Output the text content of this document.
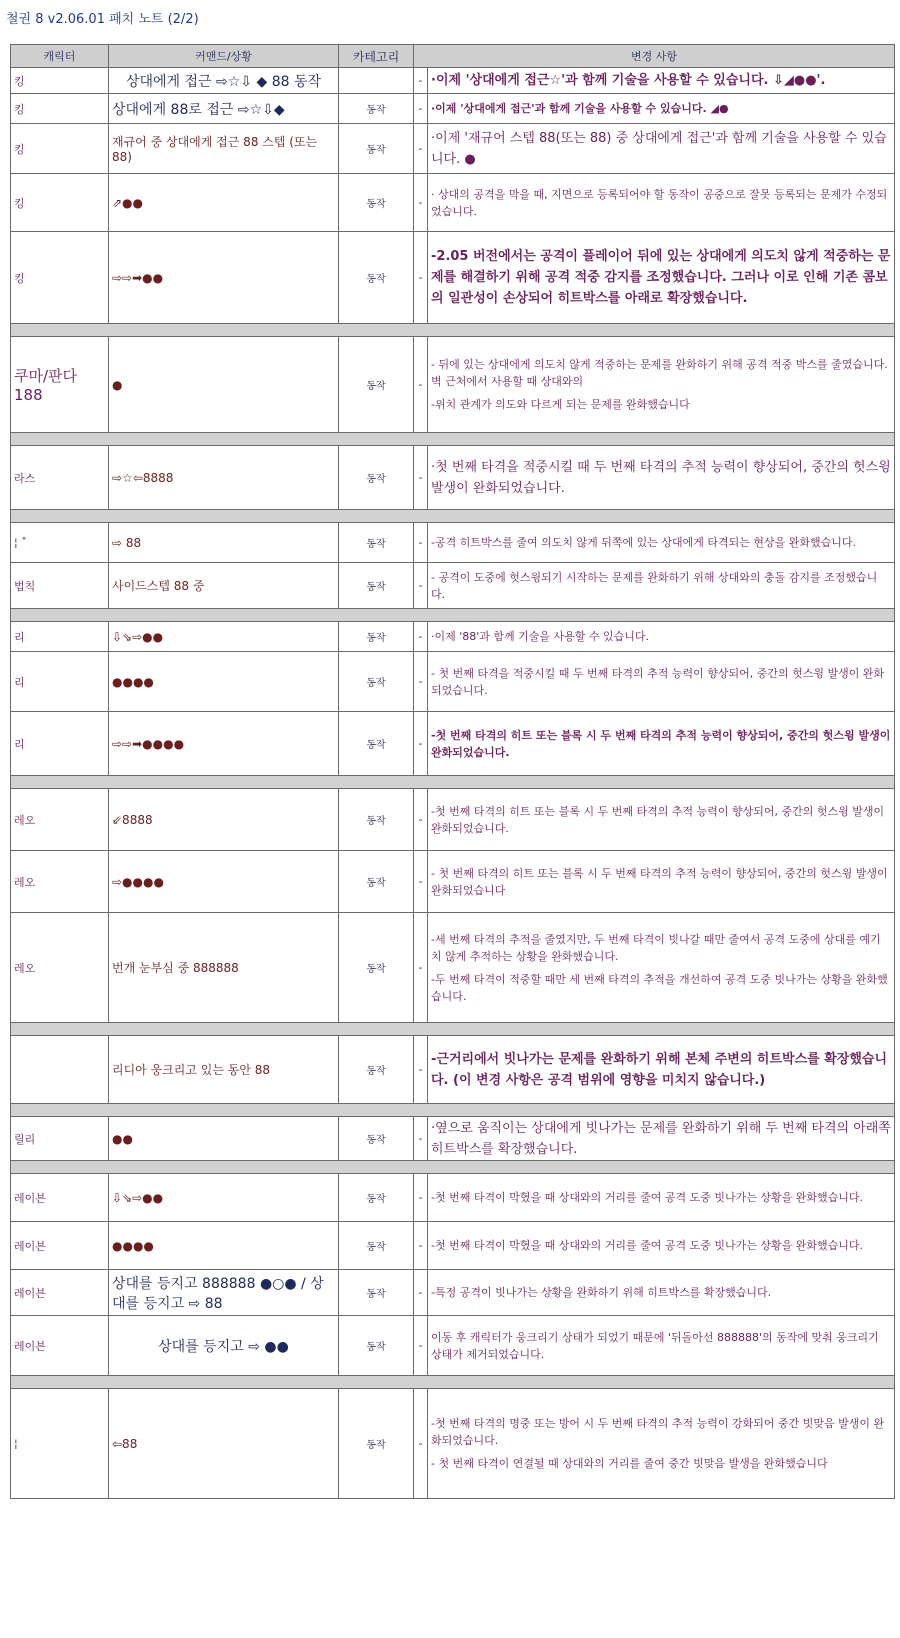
철권 8 v2.06.01 패치 노트 (2/2)
캐릭터	커맨드/상황	카테고리	변경 사항	
킹	상대에게 접근 ⇨☆⇩ ◆ 88 동작		-	·이제 '상대에게 접근☆'과 함께 기술을 사용할 수 있습니다. ⇩◢●●'.

킹	상대에게 88로 접근 ⇨☆⇩◆	동작	-	·이제 '상대에게 접근'과 함께 기술을 사용할 수 있습니다. ◢●

킹	재규어 중 상대에게 접근 88 스텝 (또는 88)	동작	-	·이제 '재규어 스텝 88(또는 88) 중 상대에게 접근'과 함께 기술을 사용할 수 있습니다. ●

킹	⇗●●	동작	-	· 상대의 공격을 막을 때, 지면으로 등록되어야 할 동작이 공중으로 잘못 등록되는 문제가 수정되었습니다.

킹	⇨⇨➡●●	동작	-	-2.05 버전에서는 공격이 플레이어 뒤에 있는 상대에게 의도치 않게 적중하는 문제를 해결하기 위해 공격 적중 감지를 조정했습니다. 그러나 이로 인해 기존 콤보의 일관성이 손상되어 히트박스를 아래로 확장했습니다.

쿠마/판다 188	●	동작	-	- 뒤에 있는 상대에게 의도치 않게 적중하는 문제를 완화하기 위해 공격 적중 박스를 줄였습니다. 벽 근처에서 사용할 때 상대와의
-위치 관계가 의도와 다르게 되는 문제를 완화했습니다

라스	⇨☆⇦8888	동작	-	·첫 번째 타격을 적중시킬 때 두 번째 타격의 추적 능력이 향상되어, 중간의 헛스윙 발생이 완화되었습니다.

¦ ˚	⇨ 88	동작	-	-공격 히트박스를 줄여 의도치 않게 뒤쪽에 있는 상대에게 타격되는 현상을 완화했습니다.

법칙	사이드스텝 88 중	동작	-	- 공격이 도중에 헛스윙되기 시작하는 문제를 완화하기 위해 상대와의 충돌 감지를 조정했습니다.

리	⇩⇘⇨●●	동작	-	·이제 '88'과 함께 기술을 사용할 수 있습니다.

리	●●●●	동작	-	- 첫 번째 타격을 적중시킬 때 두 번째 타격의 추적 능력이 향상되어, 중간의 헛스윙 발생이 완화되었습니다.

리	⇨⇨➡●●●●	동작	-	-첫 번째 타격의 히트 또는 블록 시 두 번째 타격의 추적 능력이 향상되어, 중간의 헛스윙 발생이 완화되었습니다.

레오	⇙8888	동작	-	-첫 번째 타격의 히트 또는 블록 시 두 번째 타격의 추적 능력이 향상되어, 중간의 헛스윙 발생이 완화되었습니다.

레오	⇨●●●●	동작	-	- 첫 번째 타격의 히트 또는 블록 시 두 번째 타격의 추적 능력이 향상되어, 중간의 헛스윙 발생이 완화되었습니다

레오	번개 눈부심 중 888888	동작	-	-세 번째 타격의 추적을 줄였지만, 두 번째 타격이 빗나갈 때만 줄여서 공격 도중에 상대를 예기치 않게 추적하는 상황을 완화했습니다.
-두 번째 타격이 적중할 때만 세 번째 타격의 추적을 개선하여 공격 도중 빗나가는 상황을 완화했습니다.

	리디아 웅크리고 있는 동안 88	동작	-	-근거리에서 빗나가는 문제를 완화하기 위해 본체 주변의 히트박스를 확장했습니다. (이 변경 사항은 공격 범위에 영향을 미치지 않습니다.)

릴리	●●	동작	-	·옆으로 움직이는 상대에게 빗나가는 문제를 완화하기 위해 두 번째 타격의 아래쪽 히트박스를 확장했습니다.

레이븐	⇩⇘⇨●●	동작	-	-첫 번째 타격이 막혔을 때 상대와의 거리를 줄여 공격 도중 빗나가는 상황을 완화했습니다.

레이븐	●●●●	동작	-	-첫 번째 타격이 막혔을 때 상대와의 거리를 줄여 공격 도중 빗나가는 상황을 완화했습니다.

레이븐	상대를 등지고 888888 ●○● / 상대를 등지고 ⇨ 88	동작	-	-특정 공격이 빗나가는 상황을 완화하기 위해 히트박스를 확장했습니다.

레이븐	상대를 등지고 ⇨ ●●	동작	-	이동 후 캐릭터가 웅크리기 상태가 되었기 때문에 '뒤돌아선 888888'의 동작에 맞춰 웅크리기 상태가 제거되었습니다.

¦	⇦88	동작	-	-첫 번째 타격의 명중 또는 방어 시 두 번째 타격의 추적 능력이 강화되어 중간 빗맞음 발생이 완화되었습니다.
- 첫 번째 타격이 연결될 때 상대와의 거리를 줄여 중간 빗맞음 발생을 완화했습니다
